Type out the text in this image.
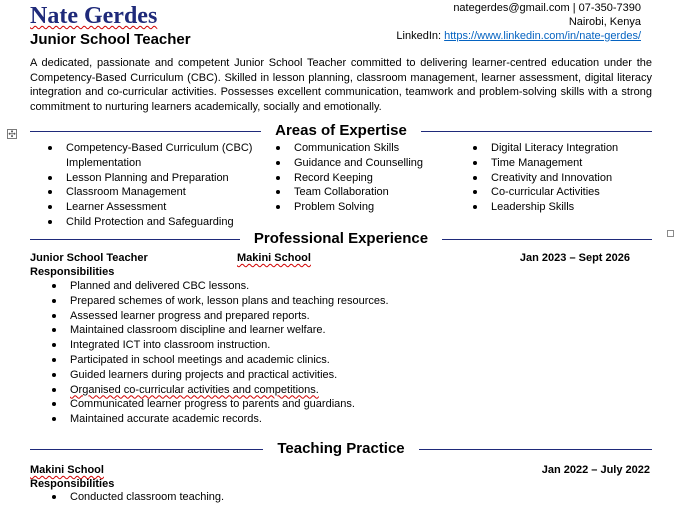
Nate Gerdes
Junior School Teacher
nategerdes@gmail.com | 07-350-7390
Nairobi, Kenya
LinkedIn: https://www.linkedin.com/in/nate-gerdes/
A dedicated, passionate and competent Junior School Teacher committed to delivering learner-centred education under the Competency-Based Curriculum (CBC). Skilled in lesson planning, classroom management, learner assessment, digital literacy integration and co-curricular activities. Possesses excellent communication, teamwork and problem-solving skills with a strong commitment to nurturing learners academically, socially and emotionally.
✣	Areas of Expertise
Competency-Based Curriculum (CBC) Implementation
Lesson Planning and Preparation
Classroom Management
Learner Assessment
Child Protection and Safeguarding
Communication Skills
Guidance and Counselling
Record Keeping
Team Collaboration
Problem Solving
Digital Literacy Integration
Time Management
Creativity and Innovation
Co-curricular Activities
Leadership Skills
Professional Experience
Junior School Teacher	Makini School	Jan 2023 – Sept 2026
Responsibilities
Planned and delivered CBC lessons.
Prepared schemes of work, lesson plans and teaching resources.
Assessed learner progress and prepared reports.
Maintained classroom discipline and learner welfare.
Integrated ICT into classroom instruction.
Participated in school meetings and academic clinics.
Guided learners during projects and practical activities.
Organised co-curricular activities and competitions.
Communicated learner progress to parents and guardians.
Maintained accurate academic records.
Teaching Practice
Makini School	Jan 2022 – July 2022
Responsibilities
Conducted classroom teaching.
